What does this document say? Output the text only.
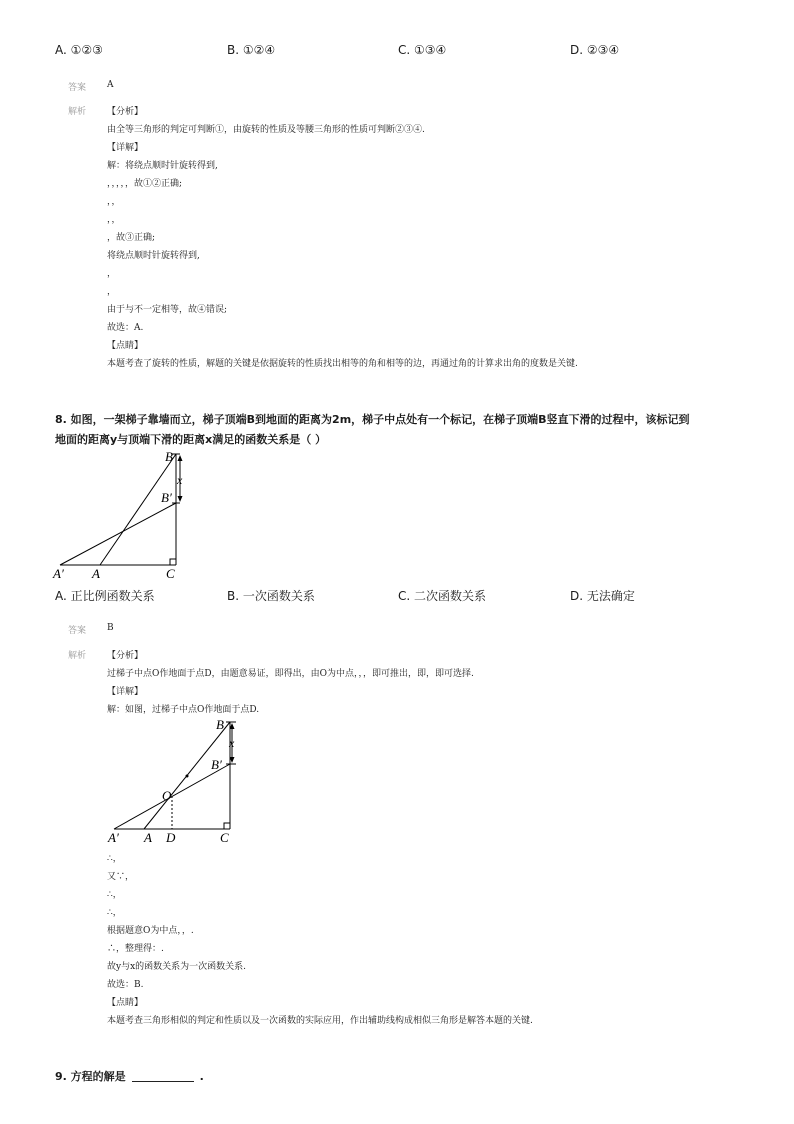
A. ①②③	B. ①②④	C. ①③④	D. ②③④
答案 A
解析 【分析】
由全等三角形的判定可判断①，由旋转的性质及等腰三角形的性质可判断②③④.
【详解】
解：将绕点顺时针旋转得到,
，，，，，故①②正确;
，，
，，
，故③正确;
将绕点顺时针旋转得到,
，
，
由于与不一定相等，故④错误;
故选：A.
【点睛】
本题考查了旋转的性质，解题的关键是依据旋转的性质找出相等的角和相等的边，再通过角的计算求出角的度数是关键.
8. 如图，一架梯子靠墙而立，梯子顶端B到地面的距离为2m，梯子中点处有一个标记，在梯子顶端B竖直下滑的过程中，该标记到
地面的距离y与顶端下滑的距离x满足的函数关系是（ ）
B
x
B′
A′ A	C
A. 正比例函数关系	B. 一次函数关系	C. 二次函数关系	D. 无法确定
答案 B
解析 【分析】
过梯子中点O作地面于点D，由题意易证，即得出，由O为中点，，，即可推出，即，即可选择.
【详解】
解：如图，过梯子中点O作地面于点D.
B
x
B′
O
A′ A D	C
∴，
又∵，
∴，
∴，
根据题意O为中点，，.
∴，整理得：.
故y与x的函数关系为一次函数关系.
故选：B.
【点睛】
本题考查三角形相似的判定和性质以及一次函数的实际应用，作出辅助线构成相似三角形是解答本题的关键.
9. 方程的解是	.
